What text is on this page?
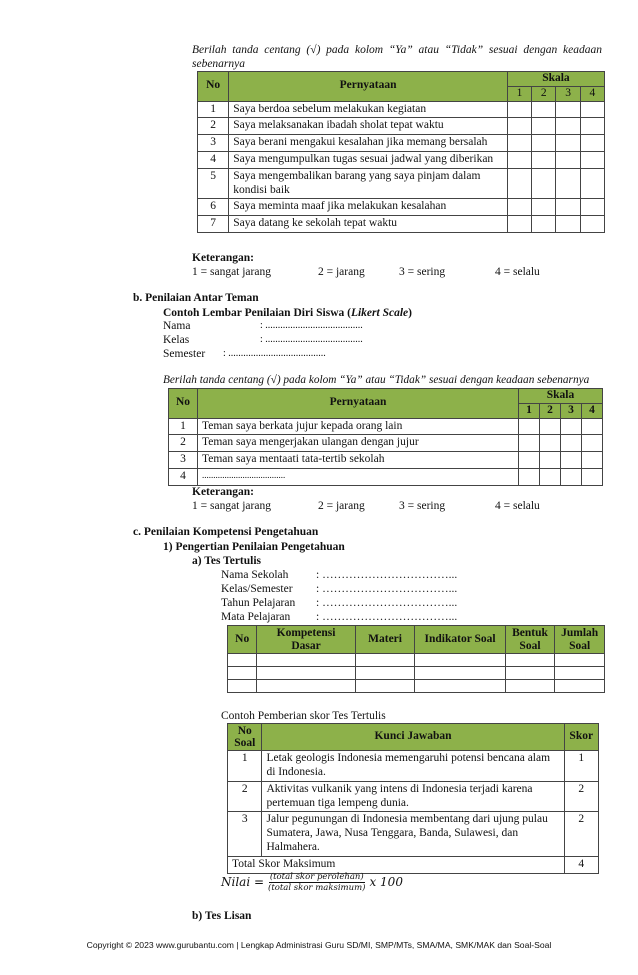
Berilah tanda centang (√) pada kolom “Ya” atau “Tidak” sesuai dengan keadaan sebenarnya
No	Pernyataan	Skala			
		1	2	3	4
1	Saya berdoa sebelum melakukan kegiatan				
2	Saya melaksanakan ibadah sholat tepat waktu				
3	Saya berani mengakui kesalahan jika memang bersalah				
4	Saya mengumpulkan tugas sesuai jadwal yang diberikan				
5	Saya mengembalikan barang yang saya pinjam dalam kondisi baik				
6	Saya meminta maaf jika melakukan kesalahan				
7	Saya datang ke sekolah tepat waktu				
Keterangan:
1 = sangat jarang	2 = jarang	3 = sering	4 = selalu
b. Penilaian Antar Teman
Contoh Lembar Penilaian Diri Siswa (Likert Scale)
Nama	: .......................................
Kelas	: .......................................
Semester : .......................................
Berilah tanda centang (√) pada kolom “Ya” atau “Tidak” sesuai dengan keadaan sebenarnya
No	Pernyataan	Skala			
		1	2	3	4
1	Teman saya berkata jujur kepada orang lain				
2	Teman saya mengerjakan ulangan dengan jujur				
3	Teman saya mentaati tata-tertib sekolah				
4	.....................................				
Keterangan:
1 = sangat jarang	2 = jarang	3 = sering	4 = selalu
c. Penilaian Kompetensi Pengetahuan
1) Pengertian Penilaian Pengetahuan
a) Tes Tertulis
Nama Sekolah : ……………………………...
Kelas/Semester : ……………………………...
Tahun Pelajaran : ……………………………...
Mata Pelajaran : ……………………………...
No	Kompetensi Dasar	Materi	Indikator Soal	Bentuk Soal	Jumlah Soal

Contoh Pemberian skor Tes Tertulis
No Soal	Kunci Jawaban	Skor
1	Letak geologis Indonesia memengaruhi potensi bencana alam di Indonesia.	1
2	Aktivitas vulkanik yang intens di Indonesia terjadi karena pertemuan tiga lempeng dunia.	2
3	Jalur pegunungan di Indonesia membentang dari ujung pulau Sumatera, Jawa, Nusa Tenggara, Banda, Sulawesi, dan Halmahera.	2
Total Skor Maksimum		4
Nilai = (total skor perolehan)
(total skor maksimum) x 100
b) Tes Lisan
Copyright © 2023 www.gurubantu.com | Lengkap Administrasi Guru SD/MI, SMP/MTs, SMA/MA, SMK/MAK dan Soal-Soal
